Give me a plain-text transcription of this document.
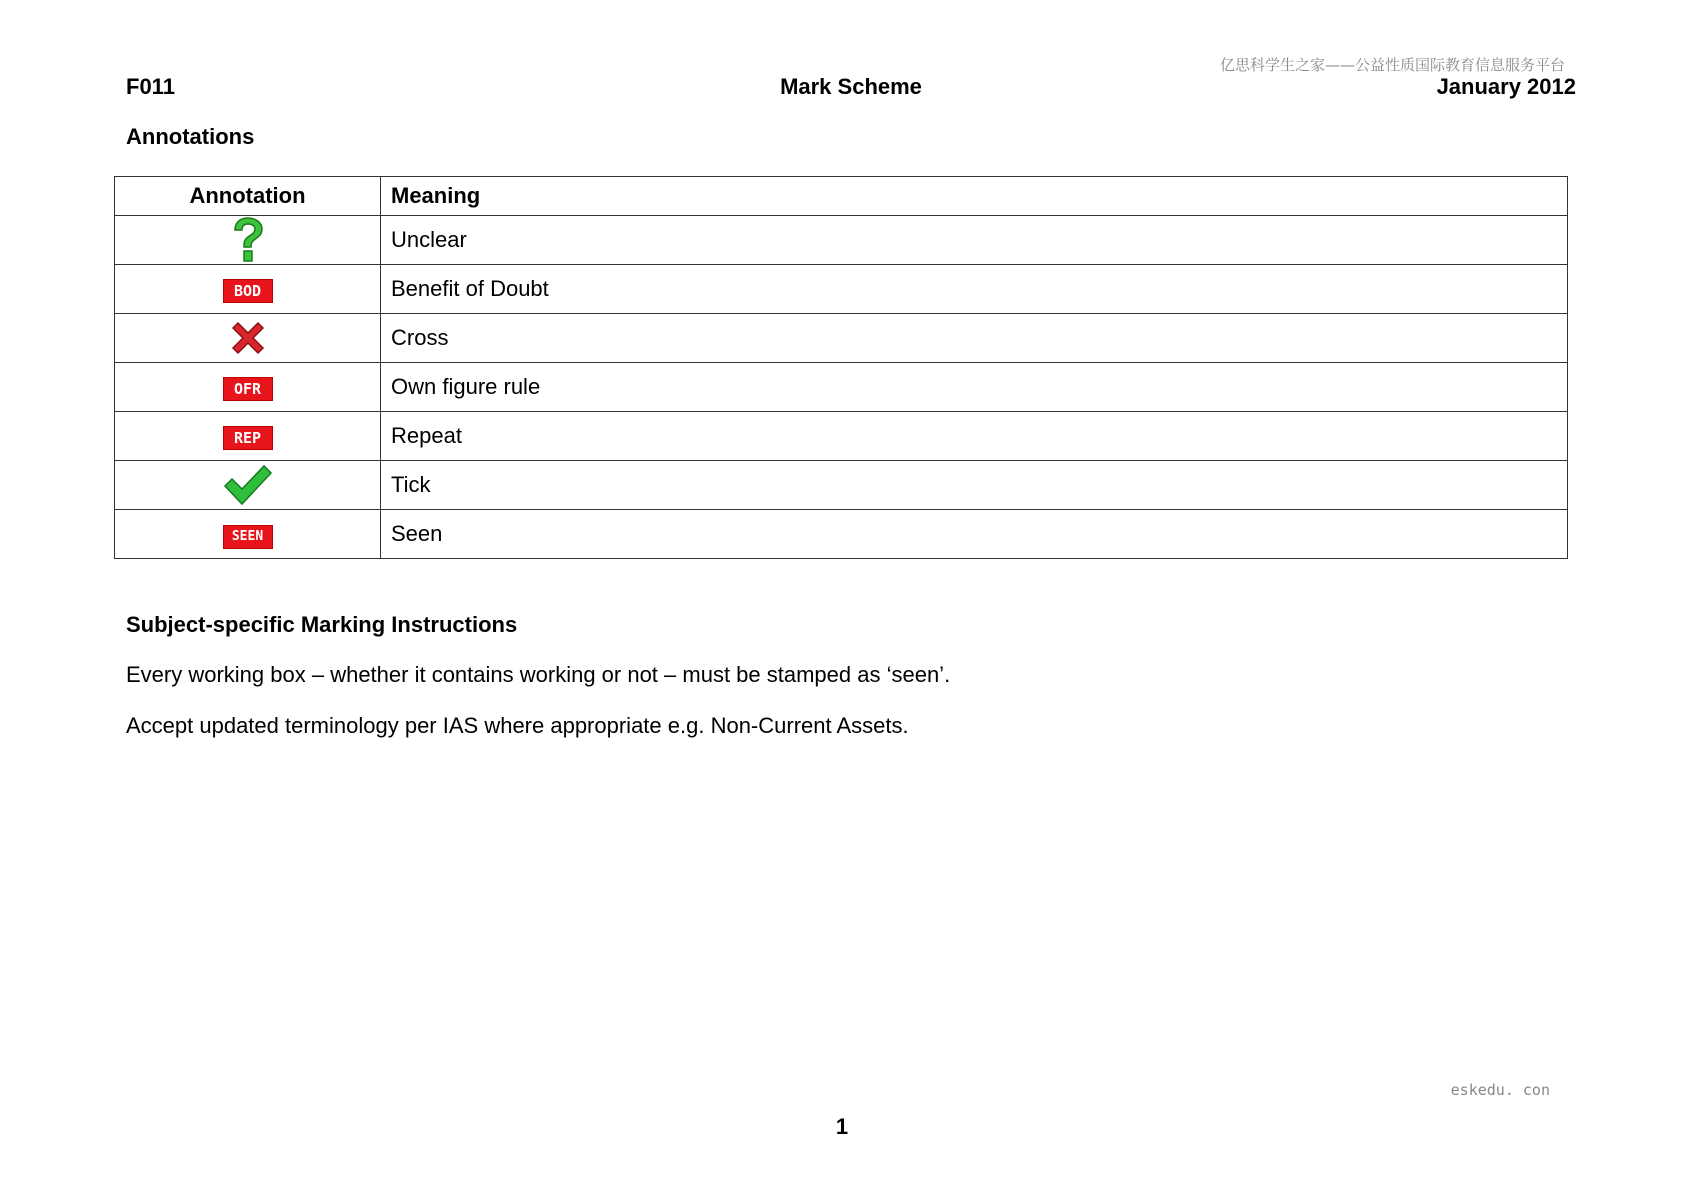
亿思科学生之家——公益性质国际教育信息服务平台
F011	Mark Scheme	January 2012
Annotations
Annotation	Meaning
	Unclear
BOD	Benefit of Doubt
	Cross
OFR	Own figure rule
REP	Repeat
	Tick
SEEN	Seen
Subject-specific Marking Instructions
Every working box – whether it contains working or not – must be stamped as ‘seen’.
Accept updated terminology per IAS where appropriate e.g. Non-Current Assets.
eskedu. con
1
